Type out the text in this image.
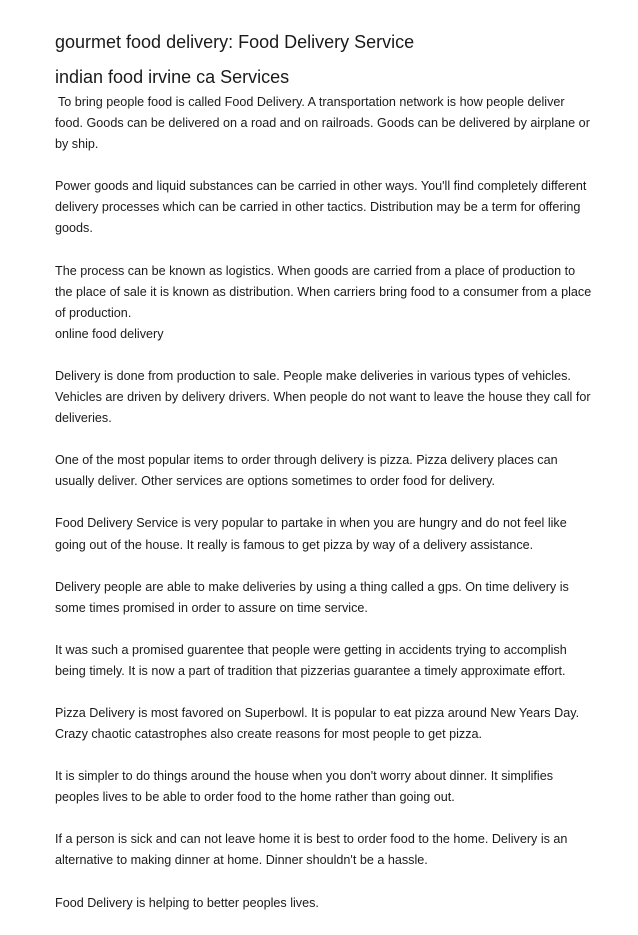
gourmet food delivery: Food Delivery Service
indian food irvine ca Services

To bring people food is called Food Delivery. A transportation network is how people deliver food. Goods can be delivered on a road and on railroads. Goods can be delivered by airplane or by ship.

Power goods and liquid substances can be carried in other ways. You'll find completely different delivery processes which can be carried in other tactics. Distribution may be a term for offering goods.

The process can be known as logistics. When goods are carried from a place of production to the place of sale it is known as distribution. When carriers bring food to a consumer from a place of production.

online food delivery

Delivery is done from production to sale. People make deliveries in various types of vehicles. Vehicles are driven by delivery drivers. When people do not want to leave the house they call for deliveries.

One of the most popular items to order through delivery is pizza. Pizza delivery places can usually deliver. Other services are options sometimes to order food for delivery.

Food Delivery Service is very popular to partake in when you are hungry and do not feel like going out of the house. It really is famous to get pizza by way of a delivery assistance.

Delivery people are able to make deliveries by using a thing called a gps. On time delivery is some times promised in order to assure on time service.

It was such a promised guarentee that people were getting in accidents trying to accomplish being timely. It is now a part of tradition that pizzerias guarantee a timely approximate effort.

Pizza Delivery is most favored on Superbowl. It is popular to eat pizza around New Years Day. Crazy chaotic catastrophes also create reasons for most people to get pizza.

It is simpler to do things around the house when you don't worry about dinner. It simplifies peoples lives to be able to order food to the home rather than going out.

If a person is sick and can not leave home it is best to order food to the home. Delivery is an alternative to making dinner at home. Dinner shouldn't be a hassle.

Food Delivery is helping to better peoples lives.
